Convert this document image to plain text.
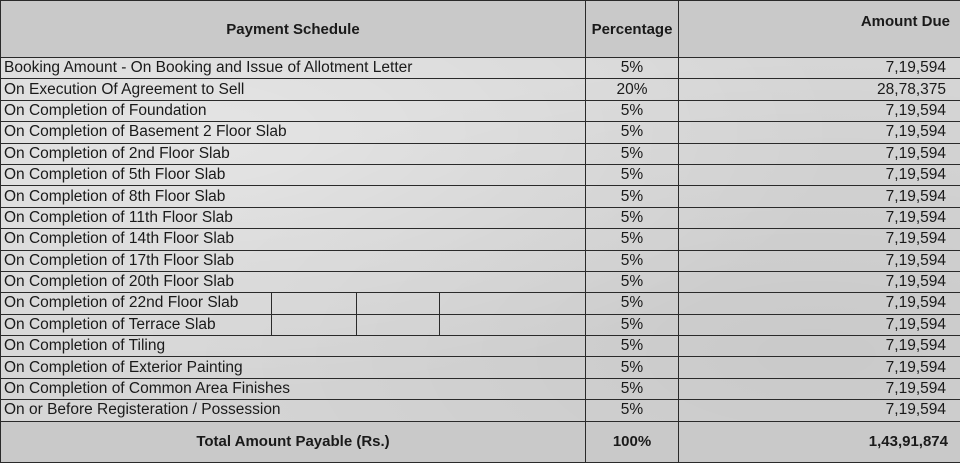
Payment Schedule	Percentage	Amount Due
Booking Amount - On Booking and Issue of Allotment Letter	5%	7,19,594
On Execution Of Agreement to Sell	20%	28,78,375
On Completion of Foundation	5%	7,19,594
On Completion of Basement 2 Floor Slab	5%	7,19,594
On Completion of 2nd Floor Slab	5%	7,19,594
On Completion of 5th Floor Slab	5%	7,19,594
On Completion of 8th Floor Slab	5%	7,19,594
On Completion of 11th Floor Slab	5%	7,19,594
On Completion of 14th Floor Slab	5%	7,19,594
On Completion of 17th Floor Slab	5%	7,19,594
On Completion of 20th Floor Slab	5%	7,19,594
On Completion of 22nd Floor Slab	5%	7,19,594
On Completion of Terrace Slab	5%	7,19,594
On Completion of Tiling	5%	7,19,594
On Completion of Exterior Painting	5%	7,19,594
On Completion of Common Area Finishes	5%	7,19,594
On or Before Registeration / Possession	5%	7,19,594
Total Amount Payable (Rs.)	100%	1,43,91,874
